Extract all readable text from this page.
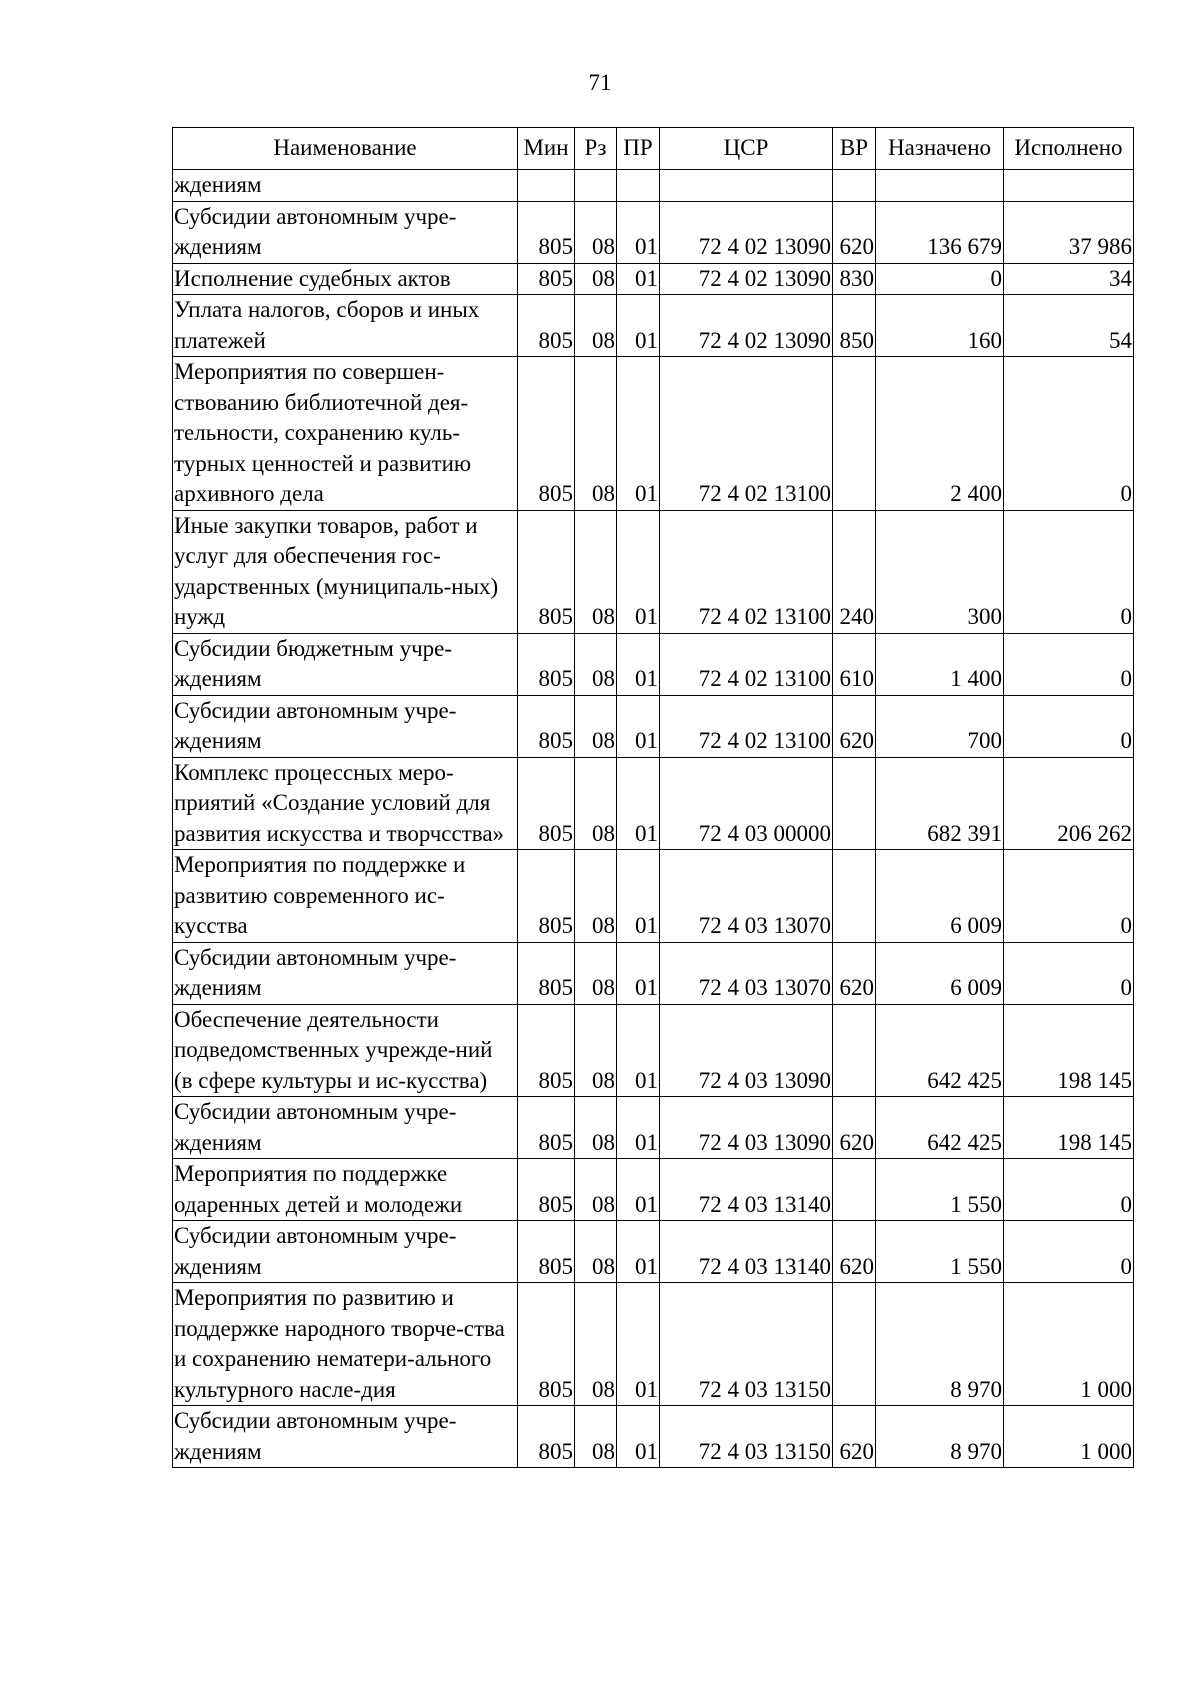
71
Наименование	Мин	Рз	ПР	ЦСР	ВР	Назначено	Исполнено
ждениям							
Субсидии автономным учре-ждениям	805	08	01	72 4 02 13090	620	136 679	37 986
Исполнение судебных актов	805	08	01	72 4 02 13090	830	0	34
Уплата налогов, сборов и иных платежей	805	08	01	72 4 02 13090	850	160	54
Мероприятия по совершен-ствованию библиотечной дея-тельности, сохранению куль-турных ценностей и развитию архивного дела	805	08	01	72 4 02 13100		2 400	0
Иные закупки товаров, работ и услуг для обеспечения гос-ударственных (муниципаль-ных) нужд	805	08	01	72 4 02 13100	240	300	0
Субсидии бюджетным учре-ждениям	805	08	01	72 4 02 13100	610	1 400	0
Субсидии автономным учре-ждениям	805	08	01	72 4 02 13100	620	700	0
Комплекс процессных меро-приятий «Создание условий для развития искусства и творчсства»	805	08	01	72 4 03 00000		682 391	206 262
Мероприятия по поддержке и развитию современного ис-кусства	805	08	01	72 4 03 13070		6 009	0
Субсидии автономным учре-ждениям	805	08	01	72 4 03 13070	620	6 009	0
Обеспечение деятельности подведомственных учрежде-ний (в сфере культуры и ис-кусства)	805	08	01	72 4 03 13090		642 425	198 145
Субсидии автономным учре-ждениям	805	08	01	72 4 03 13090	620	642 425	198 145
Мероприятия по поддержке одаренных детей и молодежи	805	08	01	72 4 03 13140		1 550	0
Субсидии автономным учре-ждениям	805	08	01	72 4 03 13140	620	1 550	0
Мероприятия по развитию и поддержке народного творче-ства и сохранению нематери-ального культурного насле-дия	805	08	01	72 4 03 13150		8 970	1 000
Субсидии автономным учре-ждениям	805	08	01	72 4 03 13150	620	8 970	1 000
